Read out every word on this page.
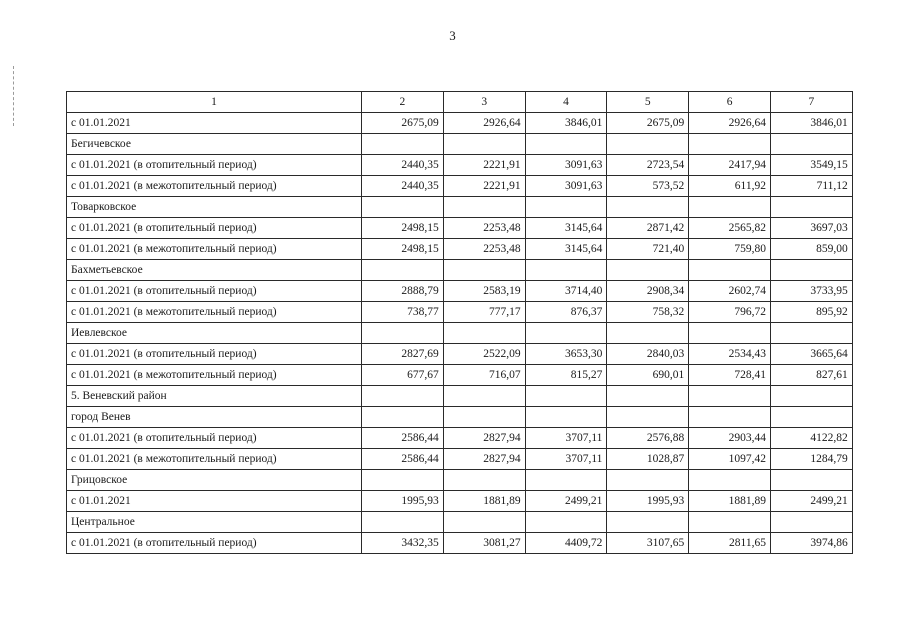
3
1	2	3	4	5	6	7
с 01.01.2021	2675,09	2926,64	3846,01	2675,09	2926,64	3846,01
Бегичевское						
с 01.01.2021 (в отопительный период)	2440,35	2221,91	3091,63	2723,54	2417,94	3549,15
с 01.01.2021 (в межотопительный период)	2440,35	2221,91	3091,63	573,52	611,92	711,12
Товарковское						
с 01.01.2021 (в отопительный период)	2498,15	2253,48	3145,64	2871,42	2565,82	3697,03
с 01.01.2021 (в межотопительный период)	2498,15	2253,48	3145,64	721,40	759,80	859,00
Бахметьевское						
с 01.01.2021 (в отопительный период)	2888,79	2583,19	3714,40	2908,34	2602,74	3733,95
с 01.01.2021 (в межотопительный период)	738,77	777,17	876,37	758,32	796,72	895,92
Иевлевское						
с 01.01.2021 (в отопительный период)	2827,69	2522,09	3653,30	2840,03	2534,43	3665,64
с 01.01.2021 (в межотопительный период)	677,67	716,07	815,27	690,01	728,41	827,61
5. Веневский район						
город Венев						
с 01.01.2021 (в отопительный период)	2586,44	2827,94	3707,11	2576,88	2903,44	4122,82
с 01.01.2021 (в межотопительный период)	2586,44	2827,94	3707,11	1028,87	1097,42	1284,79
Грицовское						
с 01.01.2021	1995,93	1881,89	2499,21	1995,93	1881,89	2499,21
Центральное						
с 01.01.2021 (в отопительный период)	3432,35	3081,27	4409,72	3107,65	2811,65	3974,86
